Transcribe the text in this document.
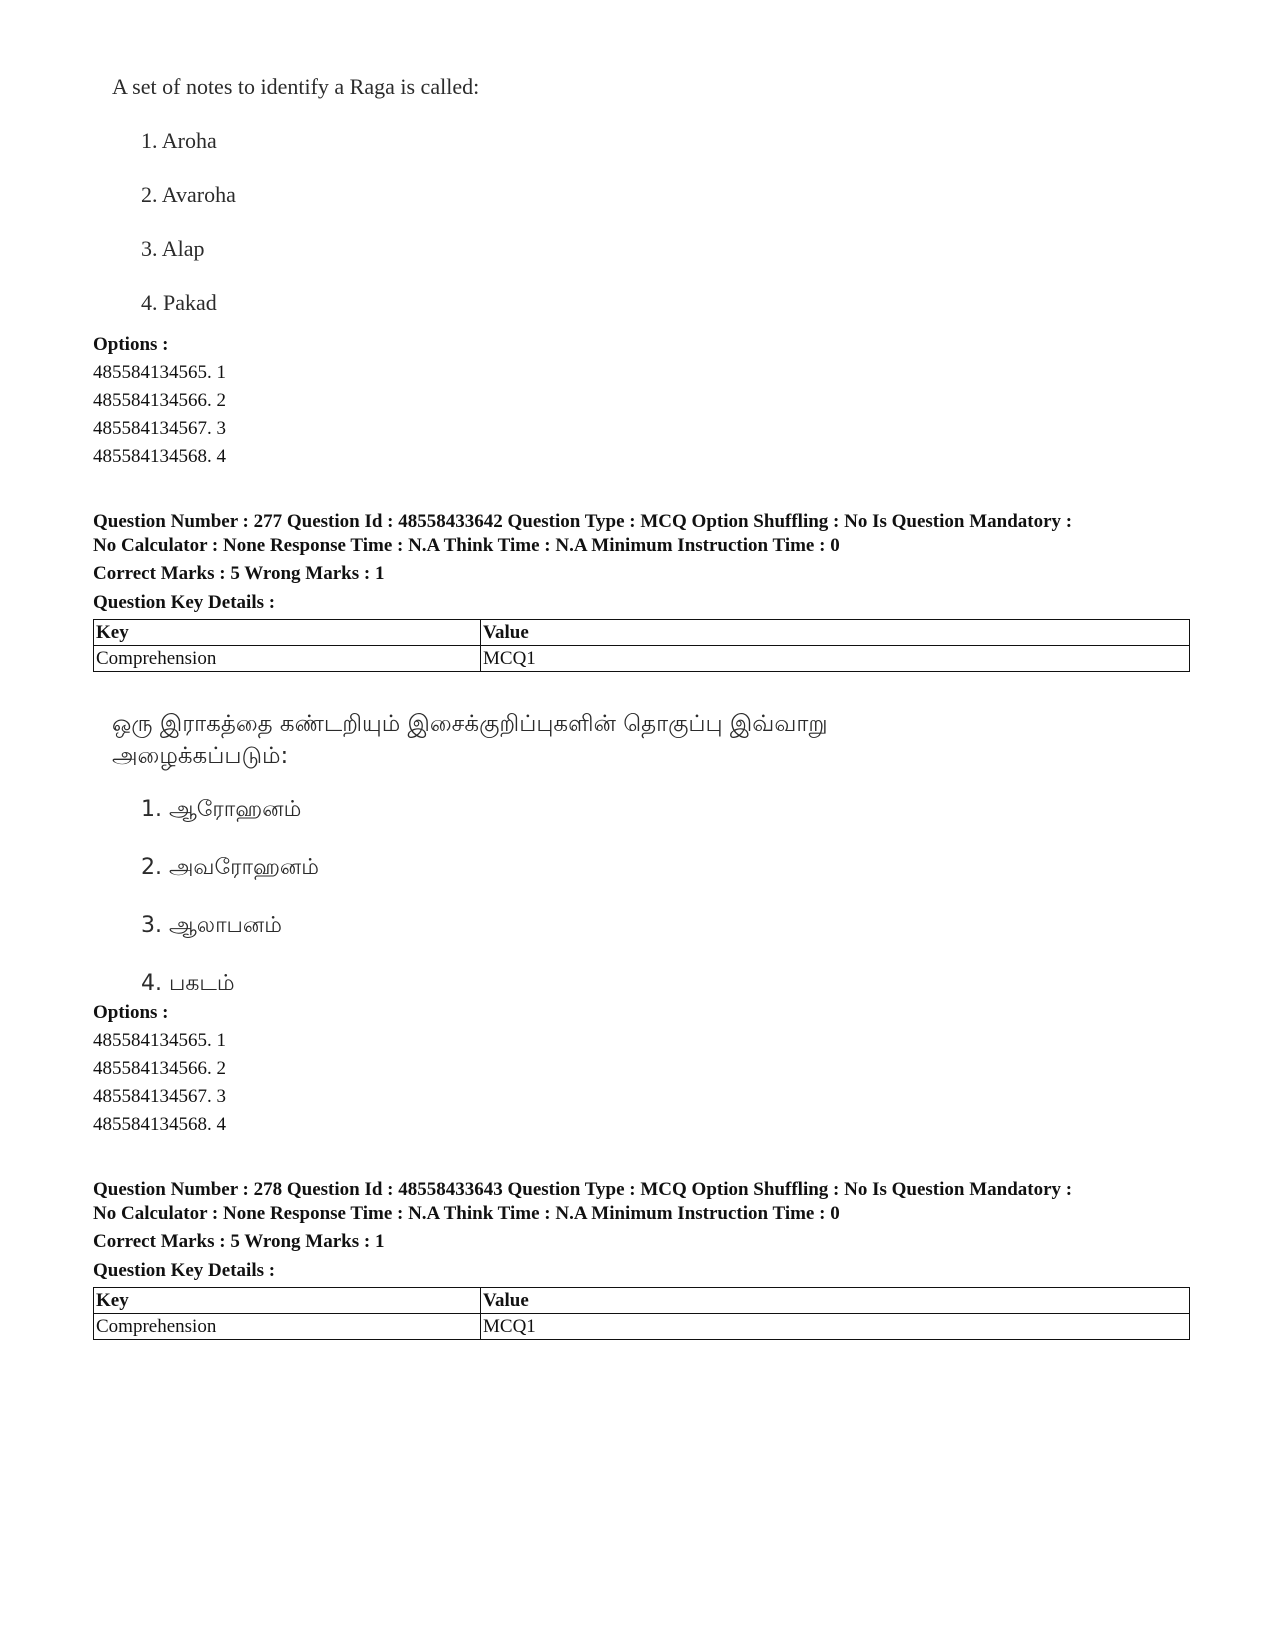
A set of notes to identify a Raga is called:
1. Aroha
2. Avaroha
3. Alap
4. Pakad
Options :
485584134565. 1
485584134566. 2
485584134567. 3
485584134568. 4
Question Number : 277 Question Id : 48558433642 Question Type : MCQ Option Shuffling : No Is Question Mandatory :
No Calculator : None Response Time : N.A Think Time : N.A Minimum Instruction Time : 0
Correct Marks : 5 Wrong Marks : 1
Question Key Details :
Key	Value
Comprehension	MCQ1
ஒரு இராகத்தை கண்டறியும் இசைக்குறிப்புகளின் தொகுப்பு இவ்வாறு
அழைக்கப்படும்:
1. ஆரோஹனம்
2. அவரோஹனம்
3. ஆலாபனம்
4. பகடம்
Options :
485584134565. 1
485584134566. 2
485584134567. 3
485584134568. 4
Question Number : 278 Question Id : 48558433643 Question Type : MCQ Option Shuffling : No Is Question Mandatory :
No Calculator : None Response Time : N.A Think Time : N.A Minimum Instruction Time : 0
Correct Marks : 5 Wrong Marks : 1
Question Key Details :
Key	Value
Comprehension	MCQ1
